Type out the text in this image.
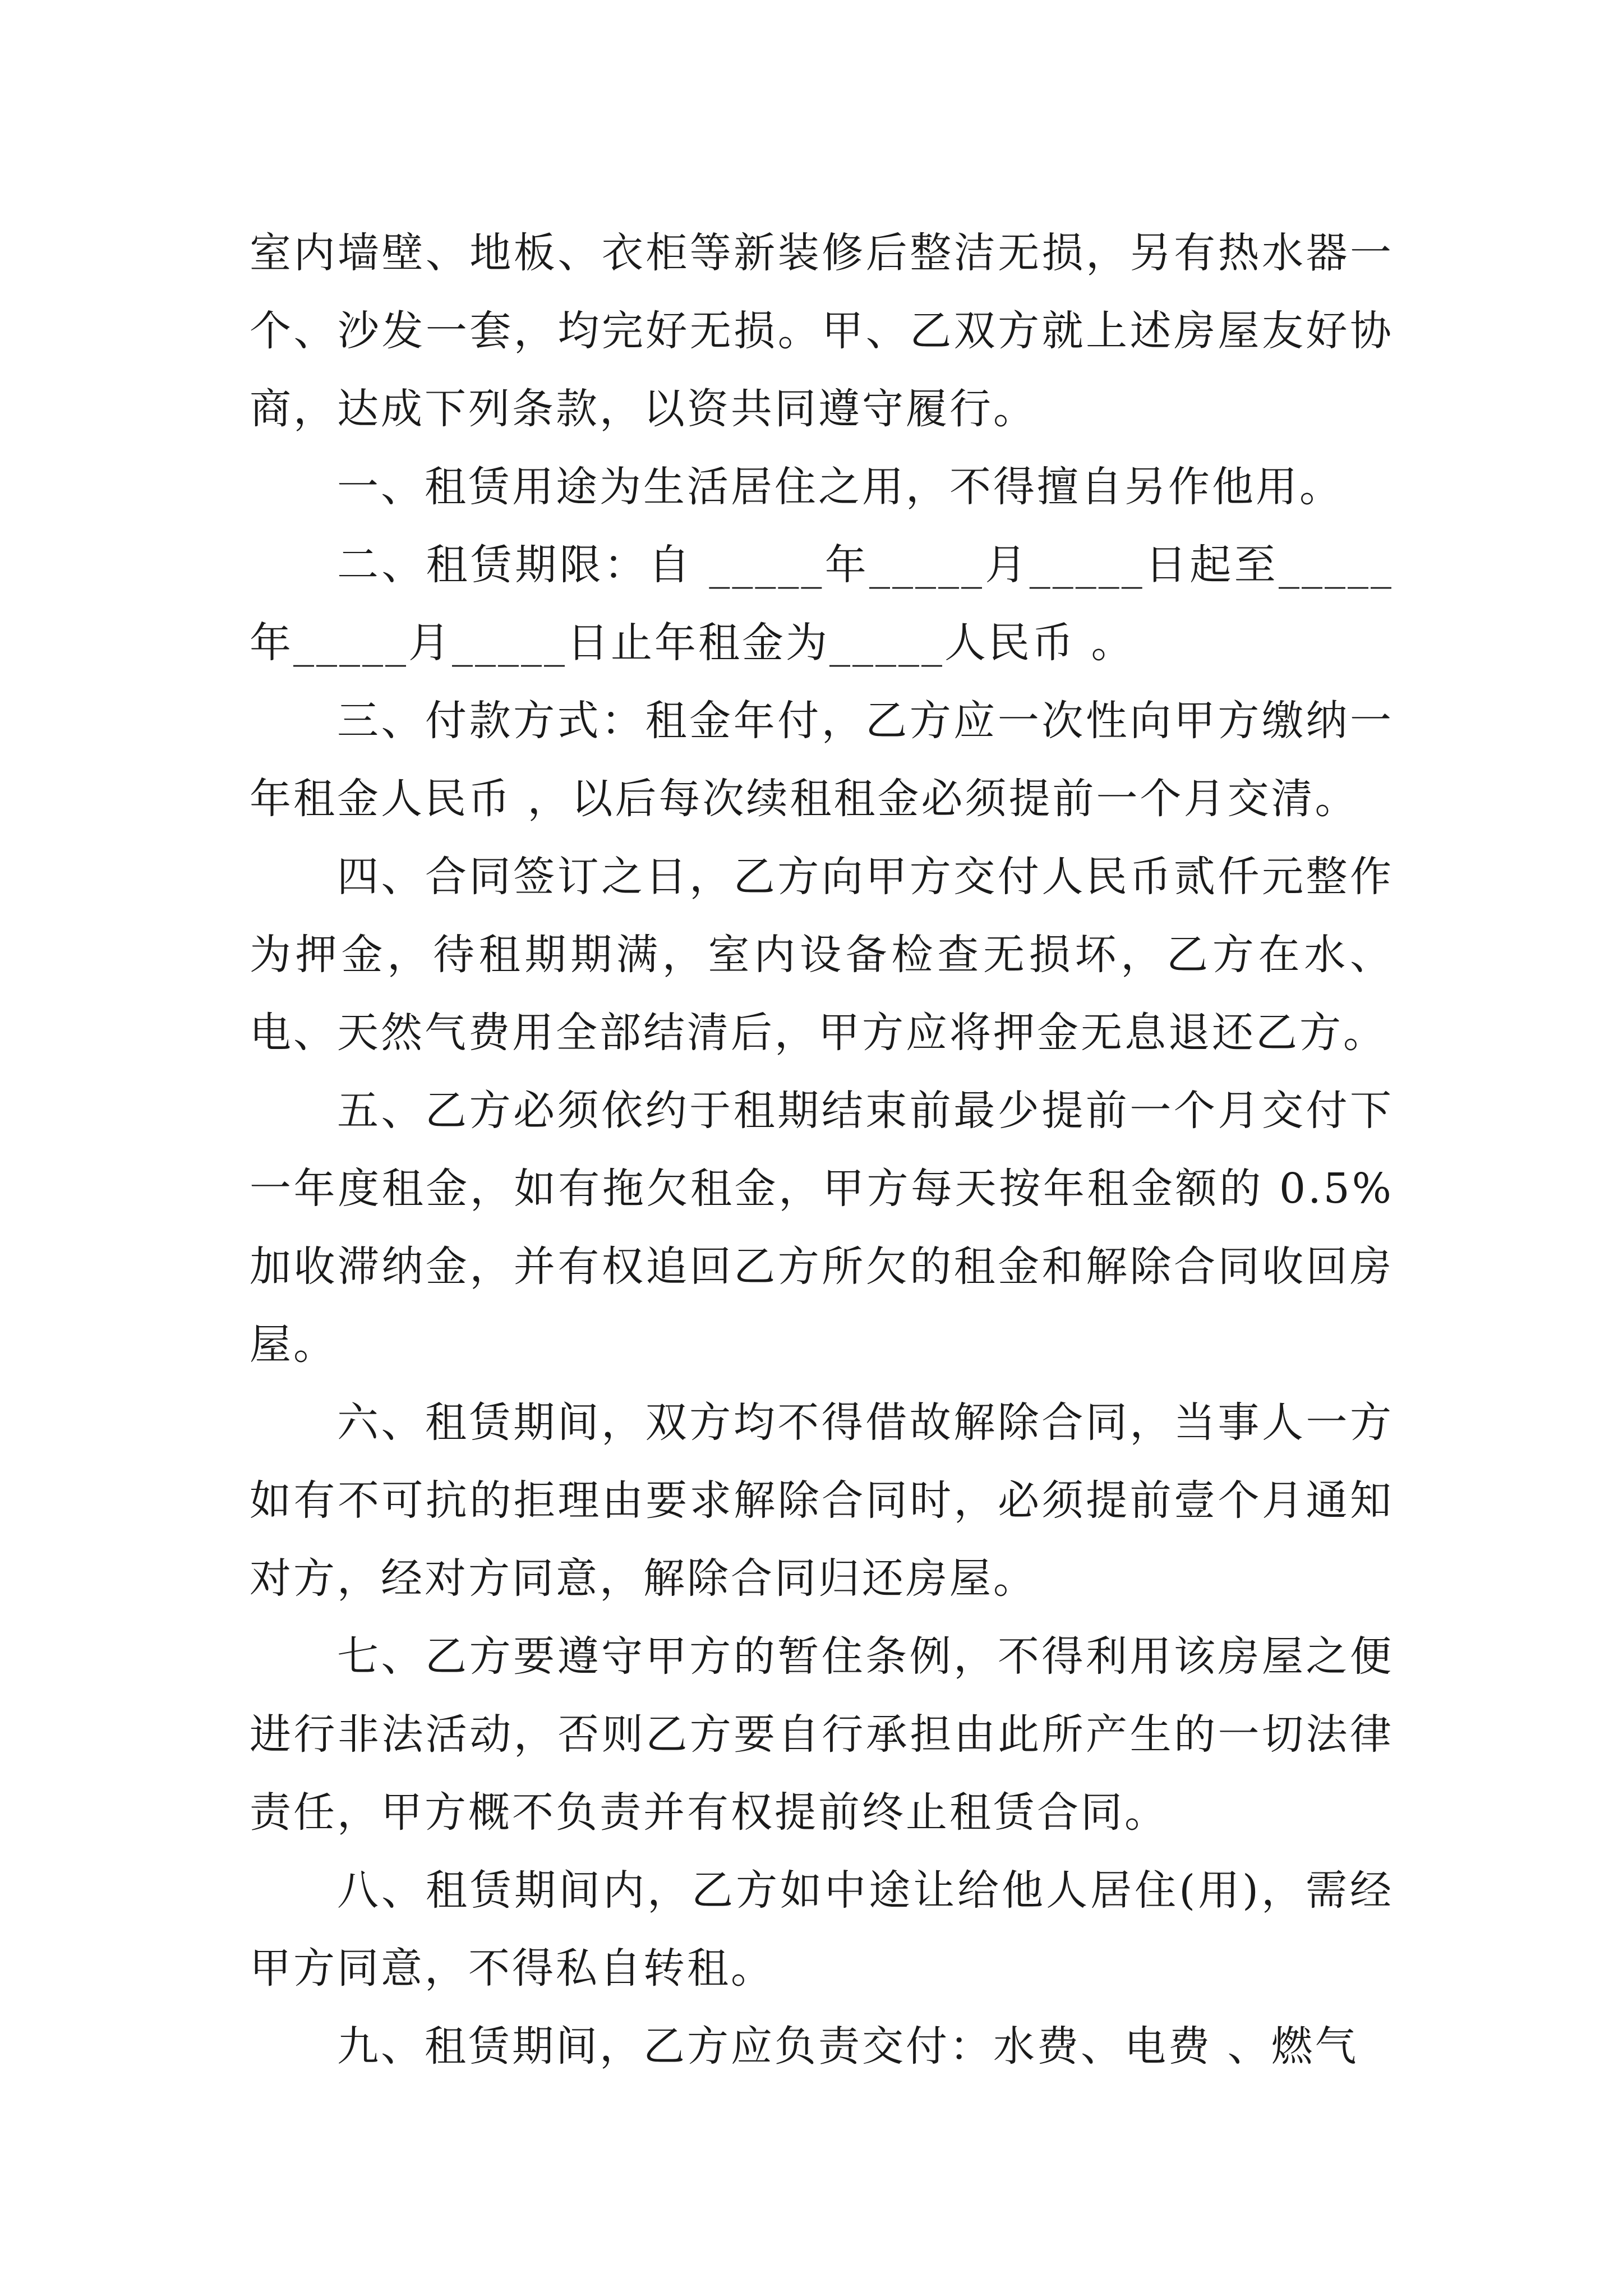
室内墙壁、地板、衣柜等新装修后整洁无损，另有热水器一个、沙发一套，均完好无损。甲、乙双方就上述房屋友好协商，达成下列条款，以资共同遵守履行。

一、租赁用途为生活居住之用，不得擅自另作他用。

二、租赁期限：自 _____年_____月_____日起至_____年_____月_____日止年租金为_____人民币 。

三、付款方式：租金年付，乙方应一次性向甲方缴纳一年租金人民币 ，以后每次续租租金必须提前一个月交清。

四、合同签订之日，乙方向甲方交付人民币贰仟元整作为押金，待租期期满，室内设备检查无损坏，乙方在水、电、天然气费用全部结清后，甲方应将押金无息退还乙方。

五、乙方必须依约于租期结束前最少提前一个月交付下一年度租金，如有拖欠租金，甲方每天按年租金额的 0.5%加收滞纳金，并有权追回乙方所欠的租金和解除合同收回房屋。

六、租赁期间，双方均不得借故解除合同，当事人一方如有不可抗的拒理由要求解除合同时，必须提前壹个月通知对方，经对方同意，解除合同归还房屋。

七、乙方要遵守甲方的暂住条例，不得利用该房屋之便进行非法活动，否则乙方要自行承担由此所产生的一切法律责任，甲方概不负责并有权提前终止租赁合同。

八、租赁期间内，乙方如中途让给他人居住(用)，需经甲方同意，不得私自转租。

九、租赁期间，乙方应负责交付：水费、电费 、燃气
